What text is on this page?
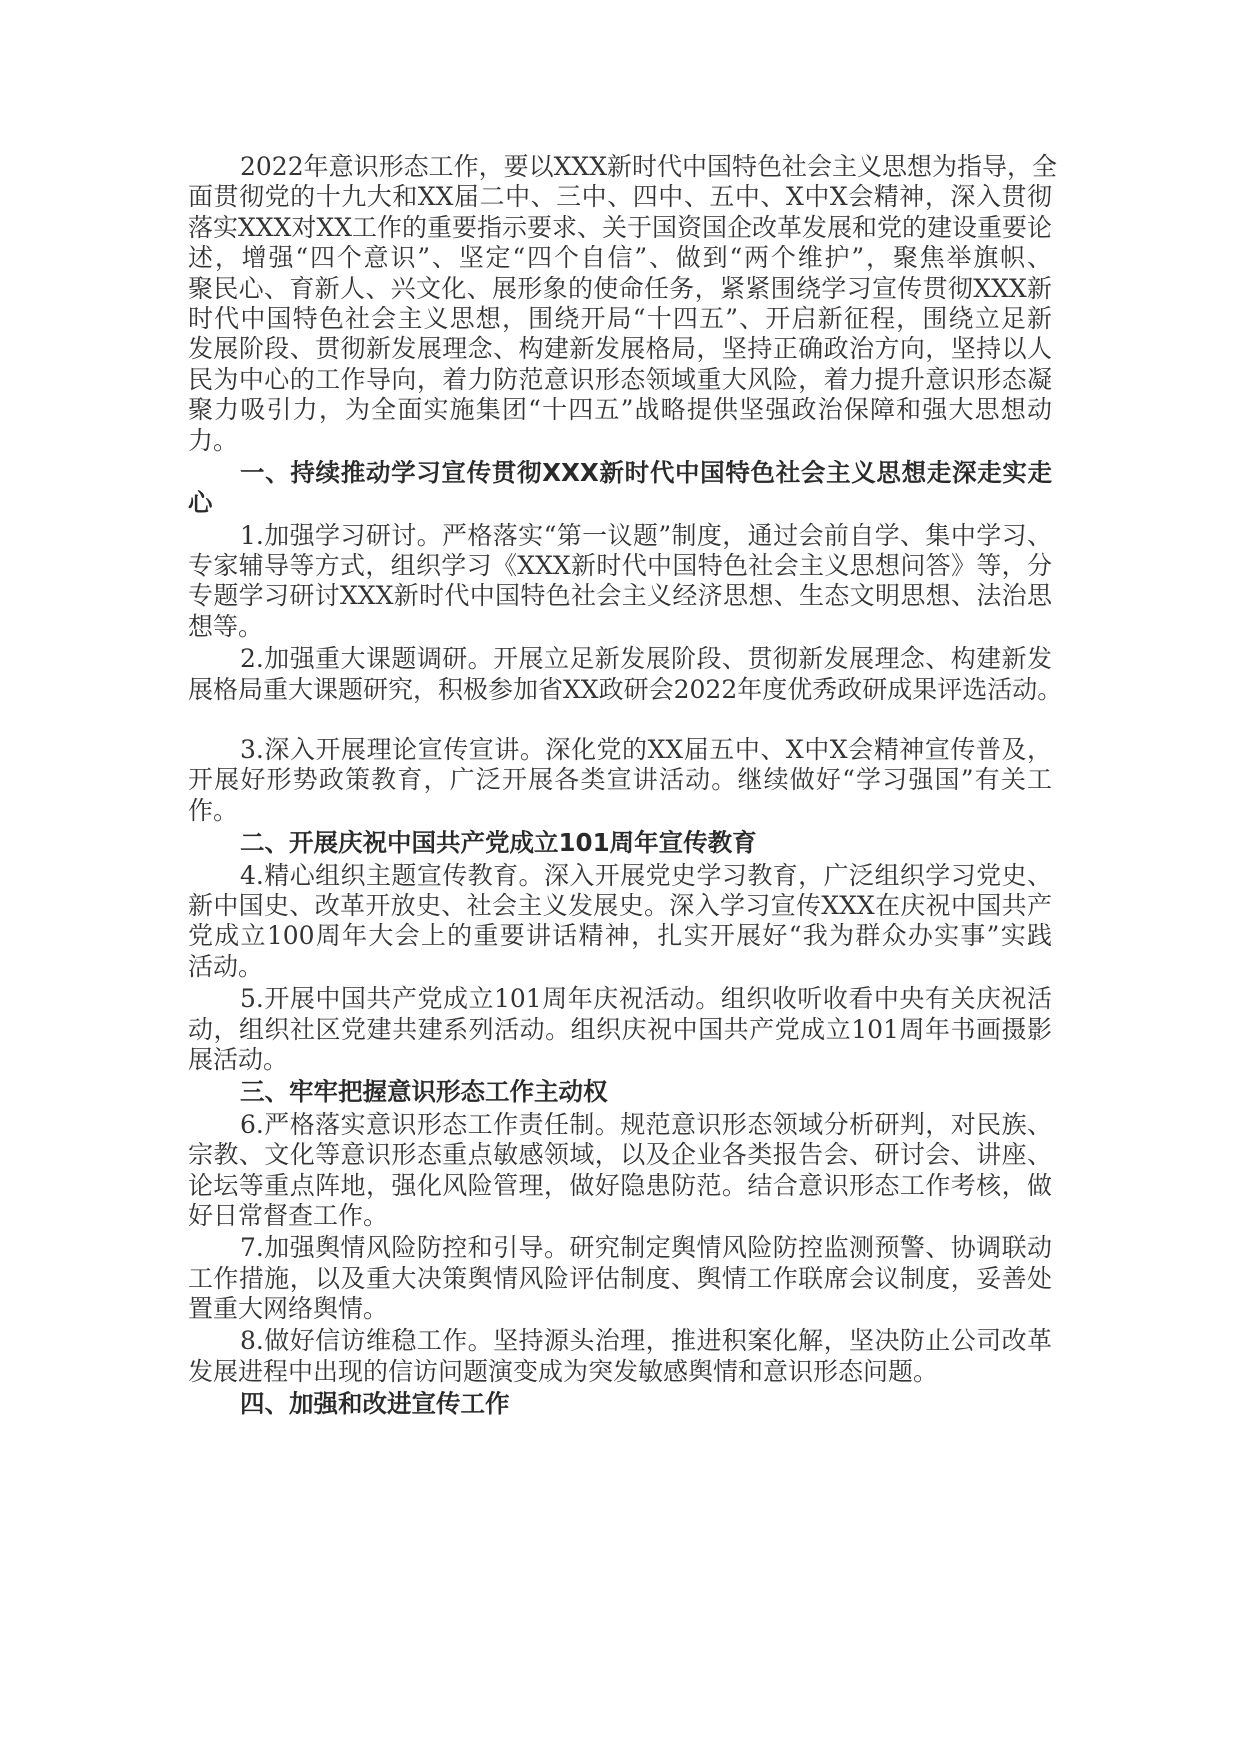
2022年意识形态工作，要以XXX新时代中国特色社会主义思想为指导，全
面贯彻党的十九大和XX届二中、三中、四中、五中、X中X会精神，深入贯彻
落实XXX对XX工作的重要指示要求、关于国资国企改革发展和党的建设重要论
述，增强“四个意识”、坚定“四个自信”、做到“两个维护”，聚焦举旗帜、
聚民心、育新人、兴文化、展形象的使命任务，紧紧围绕学习宣传贯彻XXX新
时代中国特色社会主义思想，围绕开局“十四五”、开启新征程，围绕立足新
发展阶段、贯彻新发展理念、构建新发展格局，坚持正确政治方向，坚持以人
民为中心的工作导向，着力防范意识形态领域重大风险，着力提升意识形态凝
聚力吸引力，为全面实施集团“十四五”战略提供坚强政治保障和强大思想动
力。
一、持续推动学习宣传贯彻XXX新时代中国特色社会主义思想走深走实走
心
1.加强学习研讨。严格落实“第一议题”制度，通过会前自学、集中学习、
专家辅导等方式，组织学习《XXX新时代中国特色社会主义思想问答》等，分
专题学习研讨XXX新时代中国特色社会主义经济思想、生态文明思想、法治思
想等。
2.加强重大课题调研。开展立足新发展阶段、贯彻新发展理念、构建新发
展格局重大课题研究，积极参加省XX政研会2022年度优秀政研成果评选活动。
3.深入开展理论宣传宣讲。深化党的XX届五中、X中X会精神宣传普及，
开展好形势政策教育，广泛开展各类宣讲活动。继续做好“学习强国”有关工
作。
二、开展庆祝中国共产党成立101周年宣传教育
4.精心组织主题宣传教育。深入开展党史学习教育，广泛组织学习党史、
新中国史、改革开放史、社会主义发展史。深入学习宣传XXX在庆祝中国共产
党成立100周年大会上的重要讲话精神，扎实开展好“我为群众办实事”实践
活动。
5.开展中国共产党成立101周年庆祝活动。组织收听收看中央有关庆祝活
动，组织社区党建共建系列活动。组织庆祝中国共产党成立101周年书画摄影
展活动。
三、牢牢把握意识形态工作主动权
6.严格落实意识形态工作责任制。规范意识形态领域分析研判，对民族、
宗教、文化等意识形态重点敏感领域，以及企业各类报告会、研讨会、讲座、
论坛等重点阵地，强化风险管理，做好隐患防范。结合意识形态工作考核，做
好日常督查工作。
7.加强舆情风险防控和引导。研究制定舆情风险防控监测预警、协调联动
工作措施，以及重大决策舆情风险评估制度、舆情工作联席会议制度，妥善处
置重大网络舆情。
8.做好信访维稳工作。坚持源头治理，推进积案化解，坚决防止公司改革
发展进程中出现的信访问题演变成为突发敏感舆情和意识形态问题。
四、加强和改进宣传工作
